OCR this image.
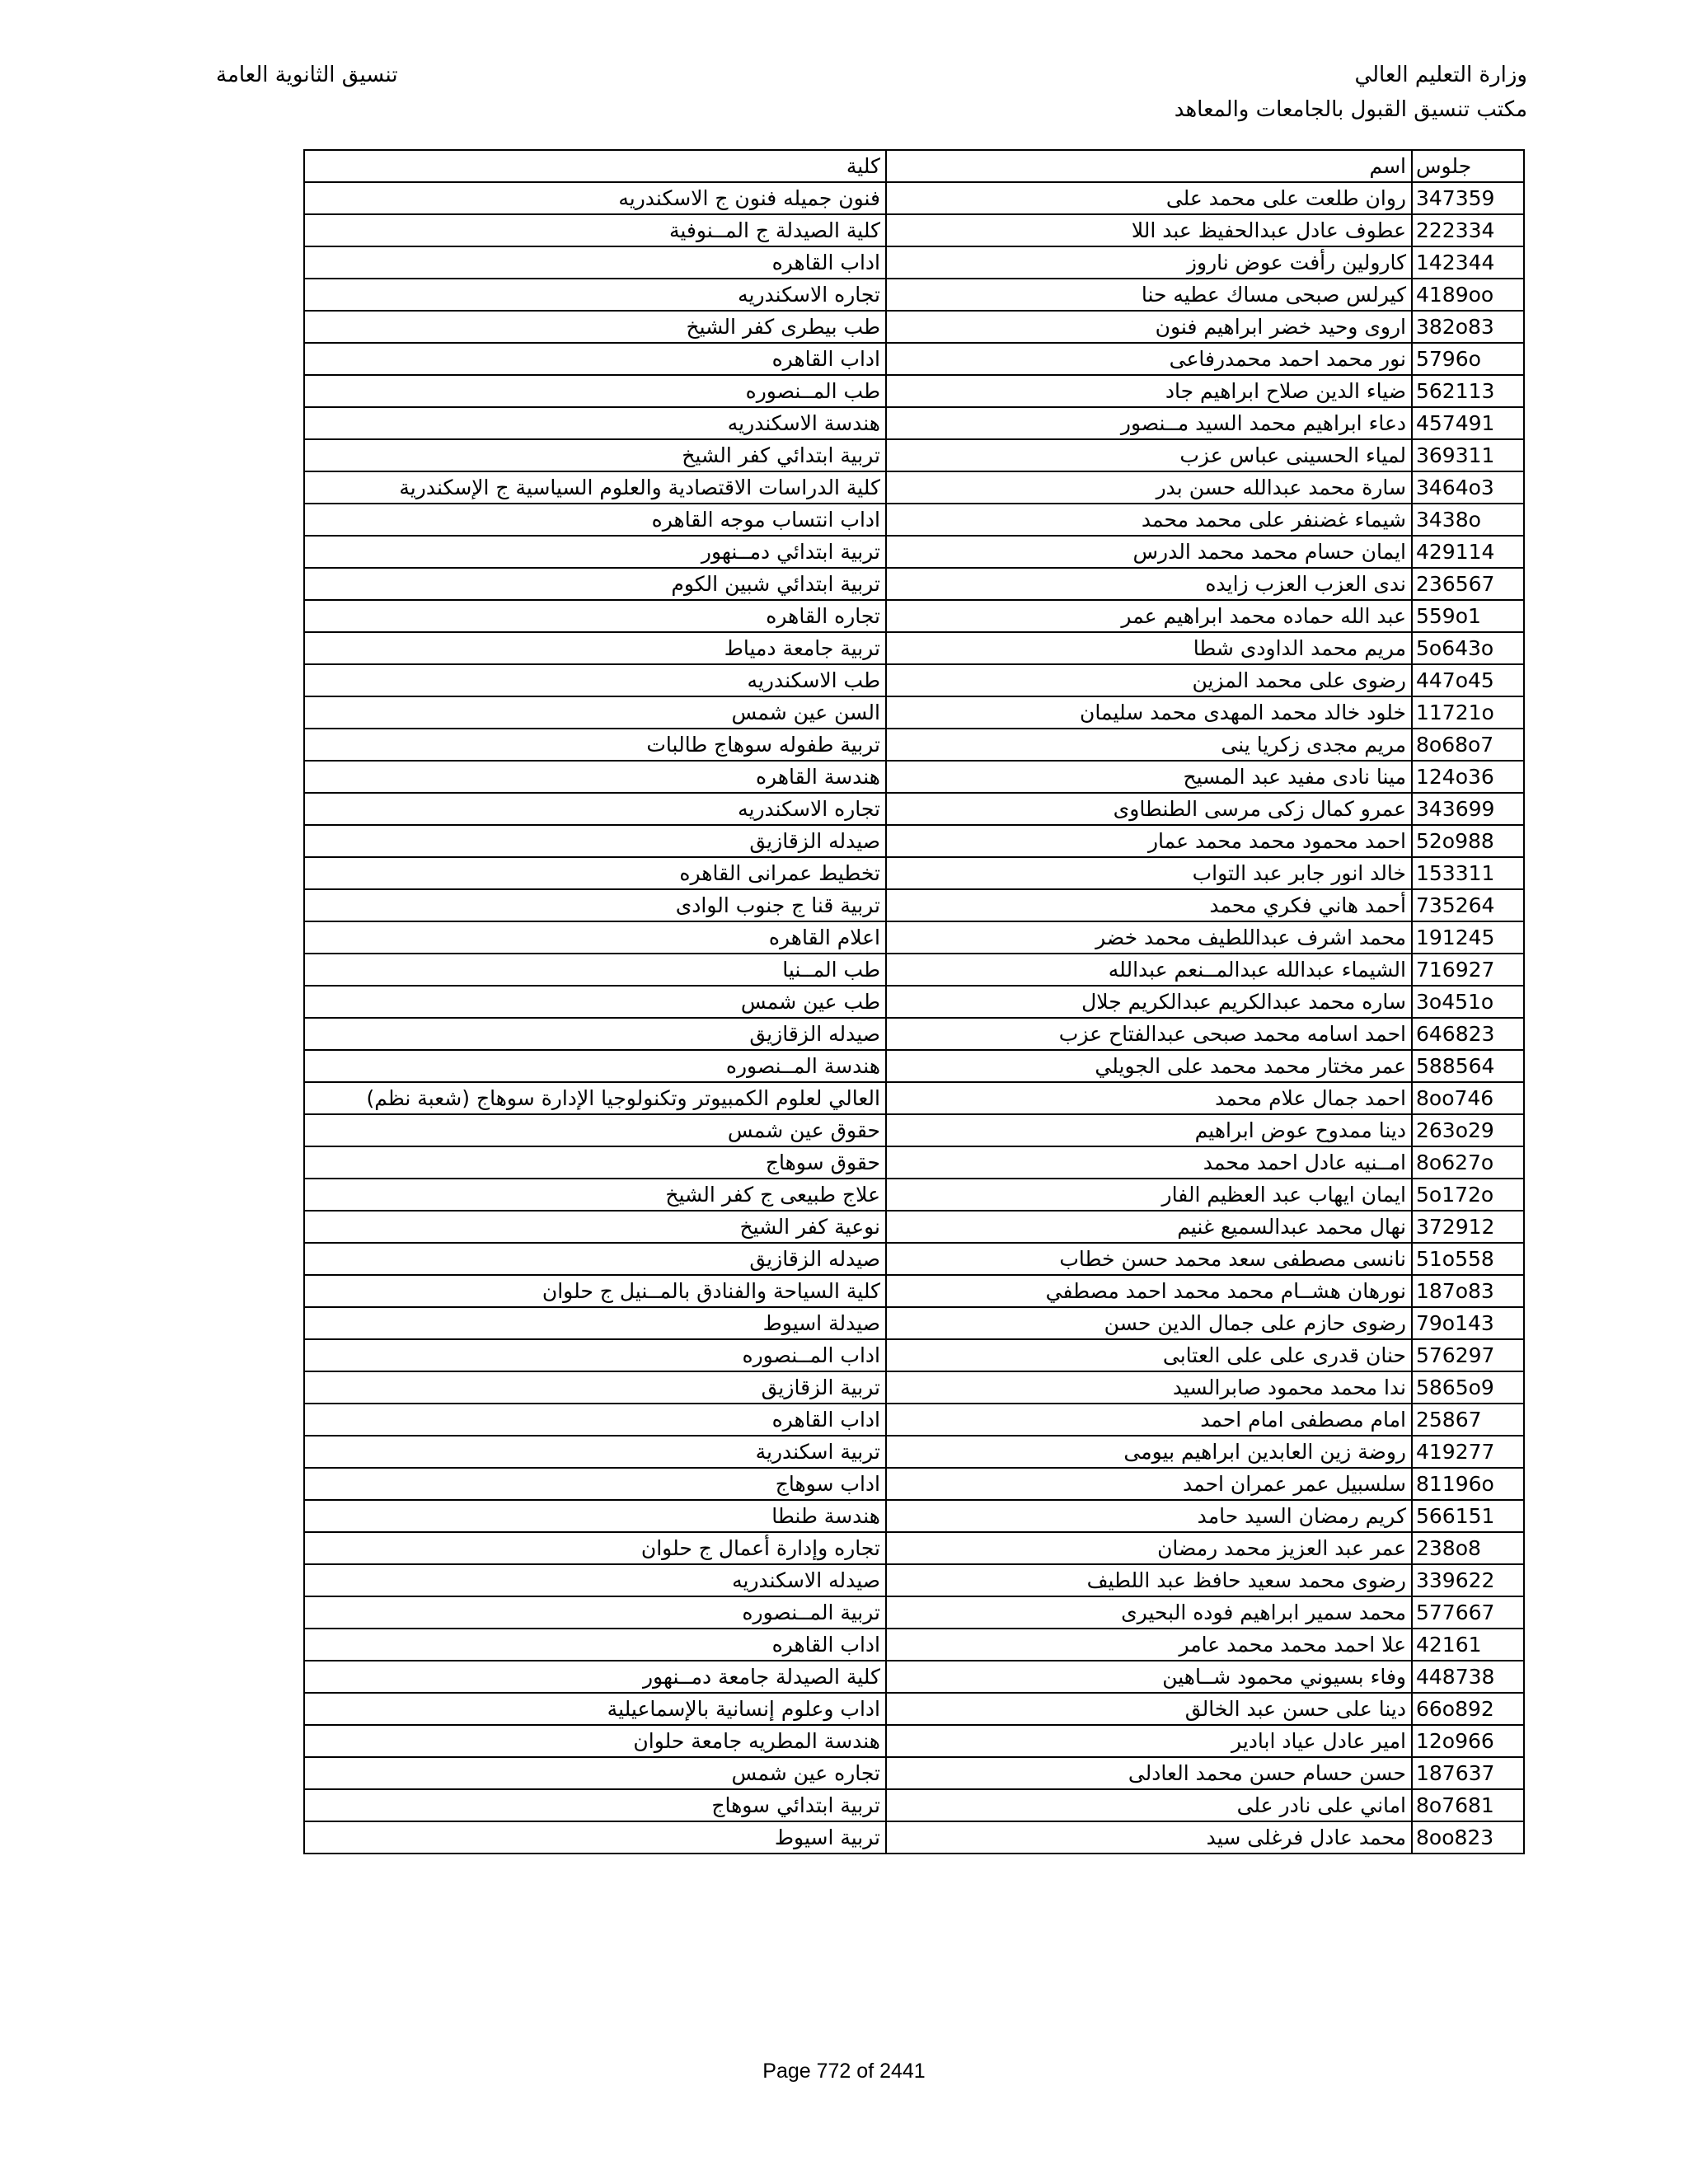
وزارة التعليم العالي
مكتب تنسيق القبول بالجامعات والمعاهد
تنسيق الثانوية العامة
جلوس	اسم	كلية
347359	روان طلعت على محمد على	فنون جميله فنون ج الاسكندريه
222334	عطوف عادل عبدالحفيظ عبد اللا	كلية الصيدلة ج المــنوفية
142344	كارولين رأفت عوض ناروز	اداب القاهره
4189oo	كيرلس صبحى مساك عطيه حنا	تجاره الاسكندريه
382o83	اروى وحيد خضر ابراهيم فنون	طب بيطرى كفر الشيخ
5796o	نور محمد احمد محمدرفاعى	اداب القاهره
562113	ضياء الدين صلاح ابراهيم جاد	طب المــنصوره
457491	دعاء ابراهيم محمد السيد مــنصور	هندسة الاسكندريه
369311	لمياء الحسينى عباس عزب	تربية ابتدائي كفر الشيخ
3464o3	سارة محمد عبدالله حسن بدر	كلية الدراسات الاقتصادية والعلوم السياسية ج الإسكندرية
3438o	شيماء غضنفر على محمد محمد	اداب انتساب موجه القاهره
429114	ايمان حسام محمد محمد الدرس	تربية ابتدائي دمــنهور
236567	ندى العزب العزب زايده	تربية ابتدائي شبين الكوم
559o1	عبد الله حماده محمد ابراهيم عمر	تجاره القاهره
5o643o	مريم محمد الداودى شطا	تربية جامعة دمياط
447o45	رضوى على محمد المزين	طب الاسكندريه
11721o	خلود خالد محمد المهدى محمد سليمان	السن عين شمس
8o68o7	مريم مجدى زكريا ينى	تربية طفوله سوهاج طالبات
124o36	مينا نادى مفيد عبد المسيح	هندسة القاهره
343699	عمرو كمال زكى مرسى الطنطاوى	تجاره الاسكندريه
52o988	احمد محمود محمد محمد عمار	صيدله الزقازيق
153311	خالد انور جابر عبد التواب	تخطيط عمرانى القاهره
735264	أحمد هاني فكري محمد	تربية قنا ج جنوب الوادى
191245	محمد اشرف عبداللطيف محمد خضر	اعلام القاهره
716927	الشيماء عبدالله عبدالمــنعم عبدالله	طب المــنيا
3o451o	ساره محمد عبدالكريم عبدالكريم جلال	طب عين شمس
646823	احمد اسامه محمد صبحى عبدالفتاح عزب	صيدله الزقازيق
588564	عمر مختار محمد محمد على الجويلي	هندسة المــنصوره
8oo746	احمد جمال علام محمد	العالي لعلوم الكمبيوتر وتكنولوجيا الإدارة سوهاج (شعبة نظم)
263o29	دينا ممدوح عوض ابراهيم	حقوق عين شمس
8o627o	امــنيه عادل احمد محمد	حقوق سوهاج
5o172o	ايمان ايهاب عبد العظيم الفار	علاج طبيعى ج كفر الشيخ
372912	نهال محمد عبدالسميع غنيم	نوعية كفر الشيخ
51o558	نانسى مصطفى سعد محمد حسن خطاب	صيدله الزقازيق
187o83	نورهان هشــام محمد محمد احمد مصطفي	كلية السياحة والفنادق بالمــنيل ج حلوان
79o143	رضوى حازم على جمال الدين حسن	صيدلة اسيوط
576297	حنان قدرى على على العتابى	اداب المــنصوره
5865o9	ندا محمد محمود صابرالسيد	تربية الزقازيق
25867	امام مصطفى امام احمد	اداب القاهره
419277	روضة زين العابدين ابراهيم بيومى	تربية اسكندرية
81196o	سلسبيل عمر عمران احمد	اداب سوهاج
566151	كريم رمضان السيد حامد	هندسة طنطا
238o8	عمر عبد العزيز محمد رمضان	تجاره وإدارة أعمال ج حلوان
339622	رضوى محمد سعيد حافظ عبد اللطيف	صيدله الاسكندريه
577667	محمد سمير ابراهيم فوده البحيرى	تربية المــنصوره
42161	علا احمد محمد محمد عامر	اداب القاهره
448738	وفاء بسيوني محمود شــاهين	كلية الصيدلة جامعة دمــنهور
66o892	دينا على حسن عبد الخالق	اداب وعلوم إنسانية بالإسماعيلية
12o966	امير عادل عياد ابادير	هندسة المطريه جامعة حلوان
187637	حسن حسام حسن محمد العادلى	تجاره عين شمس
8o7681	اماني على نادر على	تربية ابتدائي سوهاج
8oo823	محمد عادل فرغلى سيد	تربية اسيوط
Page 772 of 2441
